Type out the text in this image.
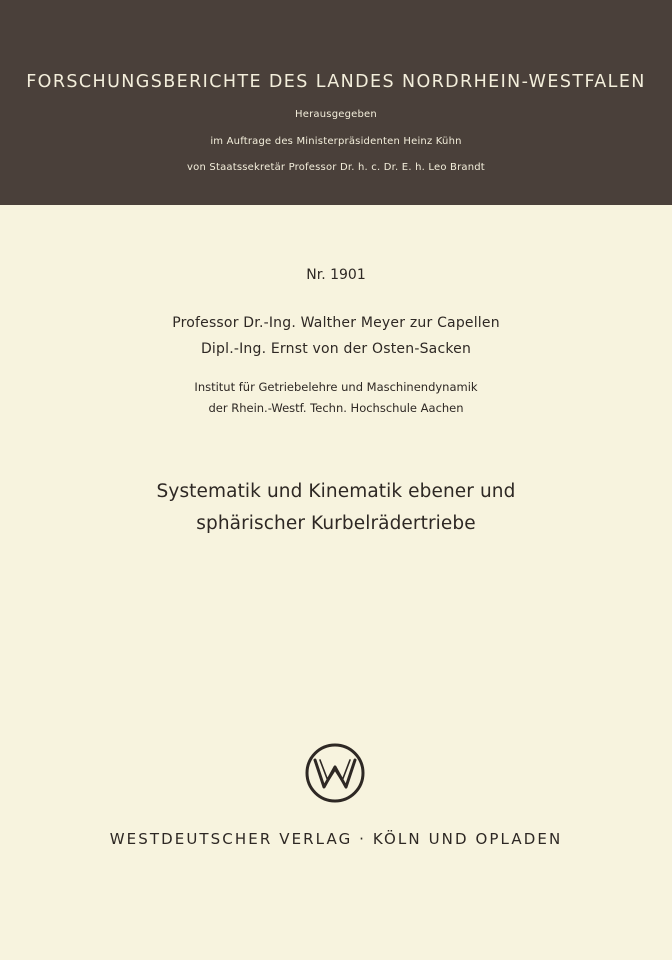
FORSCHUNGSBERICHTE DES LANDES NORDRHEIN-WESTFALEN
Herausgegeben
im Auftrage des Ministerpräsidenten Heinz Kühn
von Staatssekretär Professor Dr. h. c. Dr. E. h. Leo Brandt
Nr. 1901
Professor Dr.-Ing. Walther Meyer zur Capellen
Dipl.-Ing. Ernst von der Osten-Sacken
Institut für Getriebelehre und Maschinendynamik
der Rhein.-Westf. Techn. Hochschule Aachen
Systematik und Kinematik ebener und
sphärischer Kurbelrädertriebe
WESTDEUTSCHER VERLAG · KÖLN UND OPLADEN
